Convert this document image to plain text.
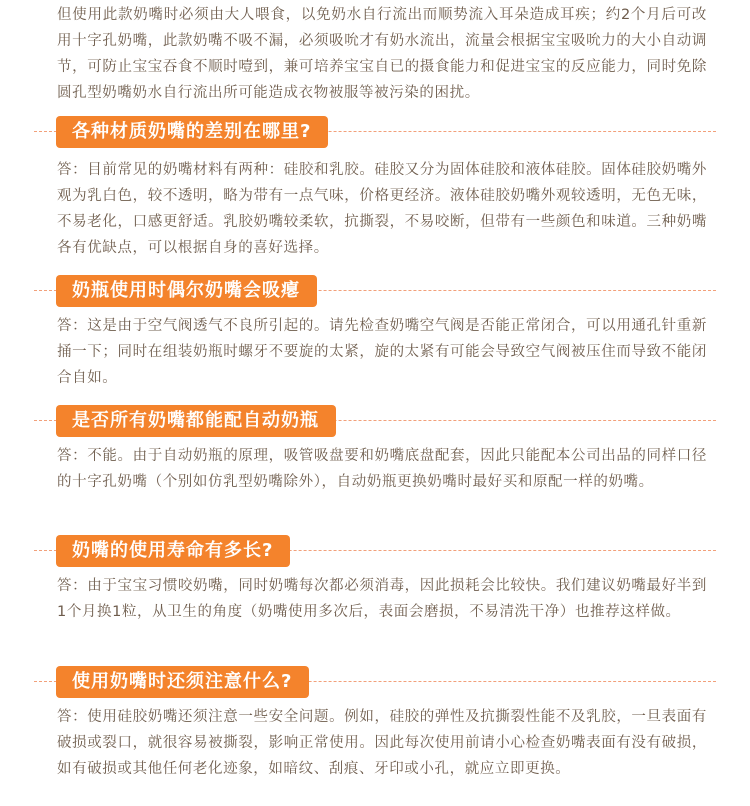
但使用此款奶嘴时必须由大人喂食，以免奶水自行流出而顺势流入耳朵造成耳疾；约2个月后可改用十字孔奶嘴，此款奶嘴不吸不漏，必须吸吮才有奶水流出，流量会根据宝宝吸吮力的大小自动调节，可防止宝宝吞食不顺时噎到，兼可培养宝宝自已的摄食能力和促进宝宝的反应能力，同时免除圆孔型奶嘴奶水自行流出所可能造成衣物被服等被污染的困扰。

各种材质奶嘴的差别在哪里?

答：目前常见的奶嘴材料有两种：硅胶和乳胶。硅胶又分为固体硅胶和液体硅胶。固体硅胶奶嘴外观为乳白色，较不透明，略为带有一点气味，价格更经济。液体硅胶奶嘴外观较透明，无色无味，不易老化，口感更舒适。乳胶奶嘴较柔软，抗撕裂，不易咬断，但带有一些颜色和味道。三种奶嘴各有优缺点，可以根据自身的喜好选择。

奶瓶使用时偶尔奶嘴会吸瘪

答：这是由于空气阀透气不良所引起的。请先检查奶嘴空气阀是否能正常闭合，可以用通孔针重新捅一下；同时在组装奶瓶时螺牙不要旋的太紧，旋的太紧有可能会导致空气阀被压住而导致不能闭合自如。

是否所有奶嘴都能配自动奶瓶

答：不能。由于自动奶瓶的原理，吸管吸盘要和奶嘴底盘配套，因此只能配本公司出品的同样口径的十字孔奶嘴（个别如仿乳型奶嘴除外），自动奶瓶更换奶嘴时最好买和原配一样的奶嘴。

奶嘴的使用寿命有多长?

答：由于宝宝习惯咬奶嘴，同时奶嘴每次都必须消毒，因此损耗会比较快。我们建议奶嘴最好半到1个月换1粒，从卫生的角度（奶嘴使用多次后，表面会磨损，不易清洗干净）也推荐这样做。

使用奶嘴时还须注意什么?

答：使用硅胶奶嘴还须注意一些安全问题。例如，硅胶的弹性及抗撕裂性能不及乳胶，一旦表面有破损或裂口，就很容易被撕裂，影响正常使用。因此每次使用前请小心检查奶嘴表面有没有破损，如有破损或其他任何老化迹象，如暗纹、刮痕、牙印或小孔，就应立即更换。
